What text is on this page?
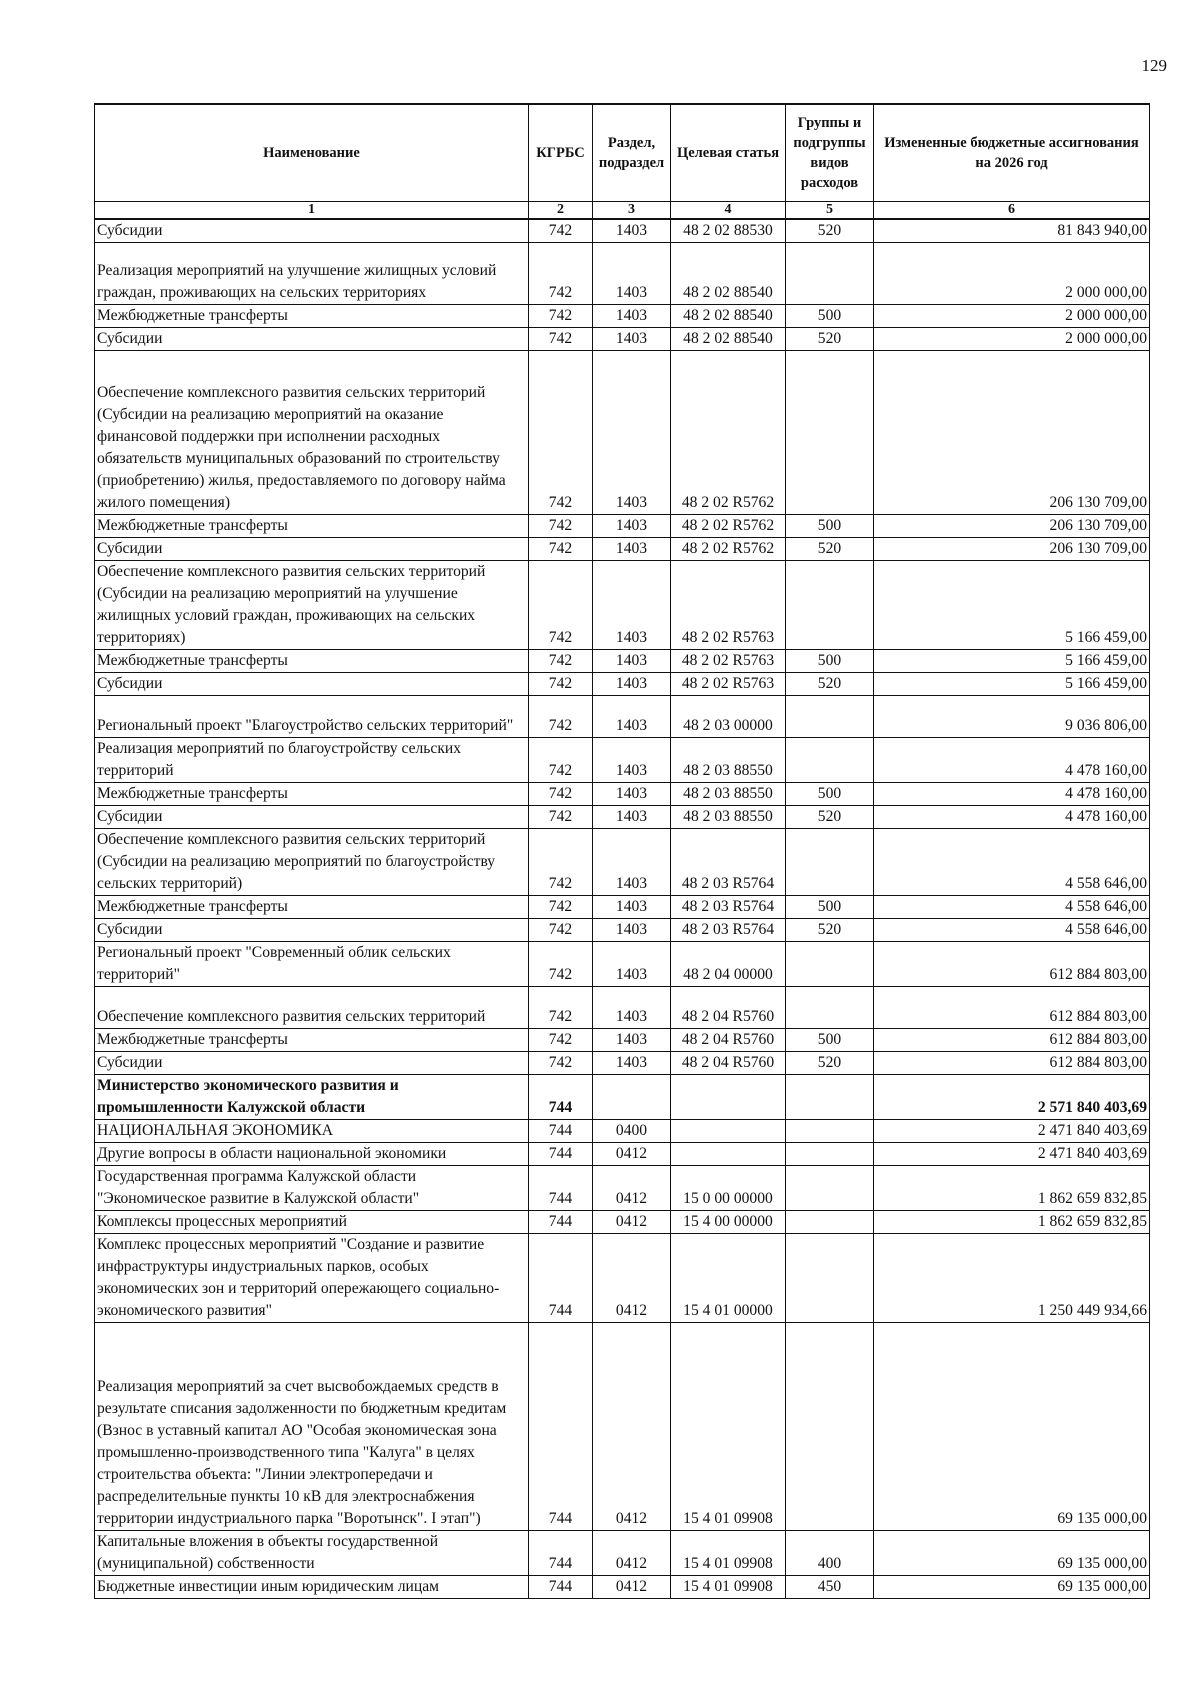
129
Наименование	КГРБС	Раздел, подраздел	Целевая статья	Группы и подгруппы видов расходов	Измененные бюджетные ассигнования на 2026 год
1	2	3	4	5	6
Субсидии	742	1403	48 2 02 88530	520	81 843 940,00
Реализация мероприятий на улучшение жилищных условий граждан, проживающих на сельских территориях	742	1403	48 2 02 88540		2 000 000,00
Межбюджетные трансферты	742	1403	48 2 02 88540	500	2 000 000,00
Субсидии	742	1403	48 2 02 88540	520	2 000 000,00
Обеспечение комплексного развития сельских территорий (Субсидии на реализацию мероприятий на оказание финансовой поддержки при исполнении расходных обязательств муниципальных образований по строительству (приобретению) жилья, предоставляемого по договору найма жилого помещения)	742	1403	48 2 02 R5762		206 130 709,00
Межбюджетные трансферты	742	1403	48 2 02 R5762	500	206 130 709,00
Субсидии	742	1403	48 2 02 R5762	520	206 130 709,00
Обеспечение комплексного развития сельских территорий (Субсидии на реализацию мероприятий на улучшение жилищных условий граждан, проживающих на сельских территориях)	742	1403	48 2 02 R5763		5 166 459,00
Межбюджетные трансферты	742	1403	48 2 02 R5763	500	5 166 459,00
Субсидии	742	1403	48 2 02 R5763	520	5 166 459,00
Региональный проект "Благоустройство сельских территорий"	742	1403	48 2 03 00000		9 036 806,00
Реализация мероприятий по благоустройству сельских территорий	742	1403	48 2 03 88550		4 478 160,00
Межбюджетные трансферты	742	1403	48 2 03 88550	500	4 478 160,00
Субсидии	742	1403	48 2 03 88550	520	4 478 160,00
Обеспечение комплексного развития сельских территорий (Субсидии на реализацию мероприятий по благоустройству сельских территорий)	742	1403	48 2 03 R5764		4 558 646,00
Межбюджетные трансферты	742	1403	48 2 03 R5764	500	4 558 646,00
Субсидии	742	1403	48 2 03 R5764	520	4 558 646,00
Региональный проект "Современный облик сельских территорий"	742	1403	48 2 04 00000		612 884 803,00
Обеспечение комплексного развития сельских территорий	742	1403	48 2 04 R5760		612 884 803,00
Межбюджетные трансферты	742	1403	48 2 04 R5760	500	612 884 803,00
Субсидии	742	1403	48 2 04 R5760	520	612 884 803,00
Министерство экономического развития и промышленности Калужской области	744				2 571 840 403,69
НАЦИОНАЛЬНАЯ ЭКОНОМИКА	744	0400			2 471 840 403,69
Другие вопросы в области национальной экономики	744	0412			2 471 840 403,69
Государственная программа Калужской области "Экономическое развитие в Калужской области"	744	0412	15 0 00 00000		1 862 659 832,85
Комплексы процессных мероприятий	744	0412	15 4 00 00000		1 862 659 832,85
Комплекс процессных мероприятий "Создание и развитие инфраструктуры индустриальных парков, особых экономических зон и территорий опережающего социально-экономического развития"	744	0412	15 4 01 00000		1 250 449 934,66
Реализация мероприятий за счет высвобождаемых средств в результате списания задолженности по бюджетным кредитам (Взнос в уставный капитал АО "Особая экономическая зона промышленно-производственного типа "Калуга" в целях строительства объекта: "Линии электропередачи и распределительные пункты 10 кВ для электроснабжения территории индустриального парка "Воротынск". I этап")	744	0412	15 4 01 09908		69 135 000,00
Капитальные вложения в объекты государственной (муниципальной) собственности	744	0412	15 4 01 09908	400	69 135 000,00
Бюджетные инвестиции иным юридическим лицам	744	0412	15 4 01 09908	450	69 135 000,00
